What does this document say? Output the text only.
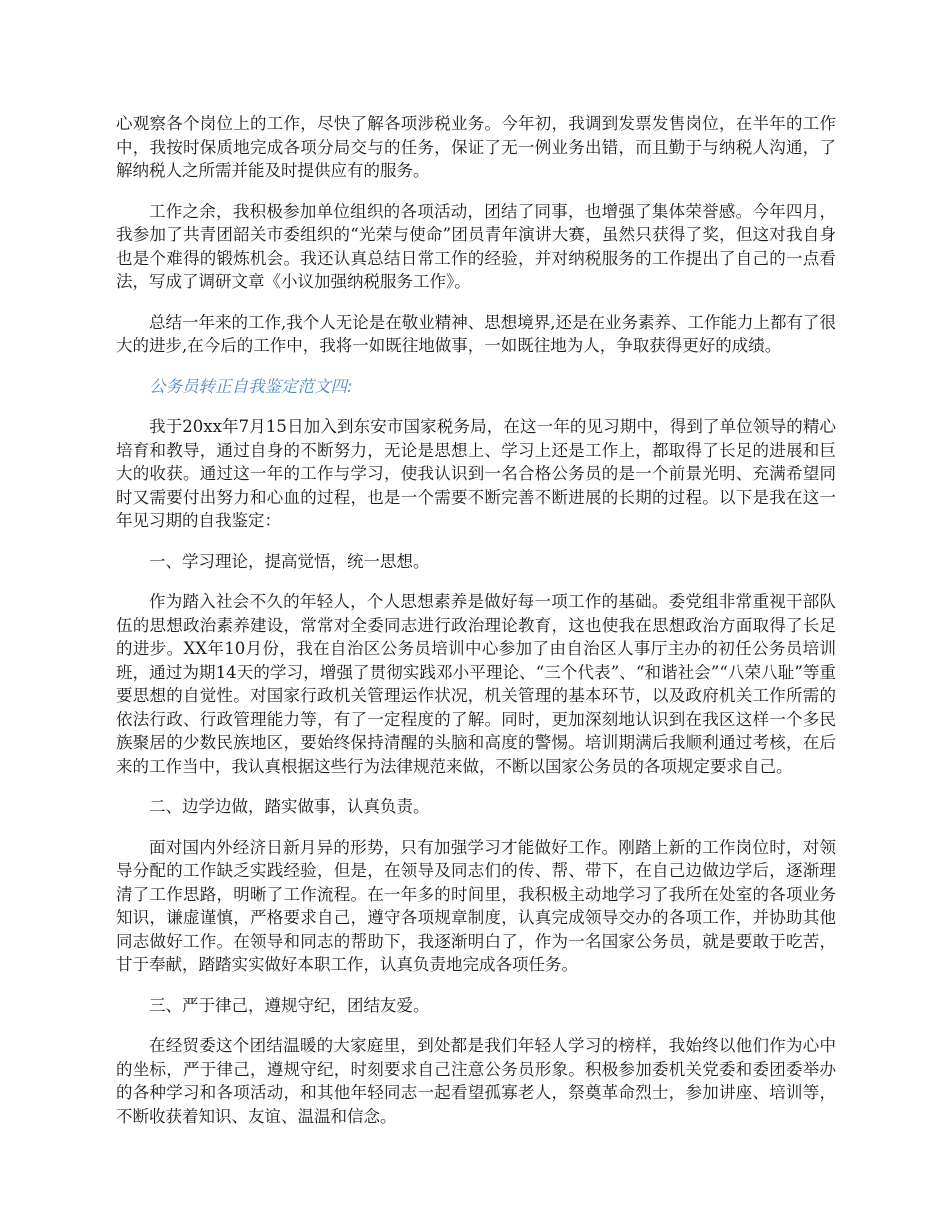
心观察各个岗位上的工作，尽快了解各项涉税业务。今年初，我调到发票发售岗位，在半年的工作中，我按时保质地完成各项分局交与的任务，保证了无一例业务出错，而且勤于与纳税人沟通，了解纳税人之所需并能及时提供应有的服务。

工作之余，我积极参加单位组织的各项活动，团结了同事，也增强了集体荣誉感。今年四月，我参加了共青团韶关市委组织的“光荣与使命”团员青年演讲大赛，虽然只获得了奖，但这对我自身也是个难得的锻炼机会。我还认真总结日常工作的经验，并对纳税服务的工作提出了自己的一点看法，写成了调研文章《小议加强纳税服务工作》。

总结一年来的工作,我个人无论是在敬业精神、思想境界,还是在业务素养、工作能力上都有了很大的进步,在今后的工作中，我将一如既往地做事，一如既往地为人，争取获得更好的成绩。

公务员转正自我鉴定范文四:

我于20xx年7月15日加入到东安市国家税务局，在这一年的见习期中，得到了单位领导的精心培育和教导，通过自身的不断努力，无论是思想上、学习上还是工作上，都取得了长足的进展和巨大的收获。通过这一年的工作与学习，使我认识到一名合格公务员的是一个前景光明、充满希望同时又需要付出努力和心血的过程，也是一个需要不断完善不断进展的长期的过程。以下是我在这一年见习期的自我鉴定：

一、学习理论，提高觉悟，统一思想。

作为踏入社会不久的年轻人，个人思想素养是做好每一项工作的基础。委党组非常重视干部队伍的思想政治素养建设，常常对全委同志进行政治理论教育，这也使我在思想政治方面取得了长足的进步。XX年10月份，我在自治区公务员培训中心参加了由自治区人事厅主办的初任公务员培训班，通过为期14天的学习，增强了贯彻实践邓小平理论、“三个代表”、“和谐社会”“八荣八耻”等重要思想的自觉性。对国家行政机关管理运作状况，机关管理的基本环节，以及政府机关工作所需的依法行政、行政管理能力等，有了一定程度的了解。同时，更加深刻地认识到在我区这样一个多民族聚居的少数民族地区，要始终保持清醒的头脑和高度的警惕。培训期满后我顺利通过考核，在后来的工作当中，我认真根据这些行为法律规范来做，不断以国家公务员的各项规定要求自己。

二、边学边做，踏实做事，认真负责。

面对国内外经济日新月异的形势，只有加强学习才能做好工作。刚踏上新的工作岗位时，对领导分配的工作缺乏实践经验，但是，在领导及同志们的传、帮、带下，在自己边做边学后，逐渐理清了工作思路，明晰了工作流程。在一年多的时间里，我积极主动地学习了我所在处室的各项业务知识，谦虚谨慎，严格要求自己，遵守各项规章制度，认真完成领导交办的各项工作，并协助其他同志做好工作。在领导和同志的帮助下，我逐渐明白了，作为一名国家公务员，就是要敢于吃苦，甘于奉献，踏踏实实做好本职工作，认真负责地完成各项任务。

三、严于律己，遵规守纪，团结友爱。

在经贸委这个团结温暖的大家庭里，到处都是我们年轻人学习的榜样，我始终以他们作为心中的坐标，严于律己，遵规守纪，时刻要求自己注意公务员形象。积极参加委机关党委和委团委举办的各种学习和各项活动，和其他年轻同志一起看望孤寡老人，祭奠革命烈士，参加讲座、培训等，不断收获着知识、友谊、温温和信念。
